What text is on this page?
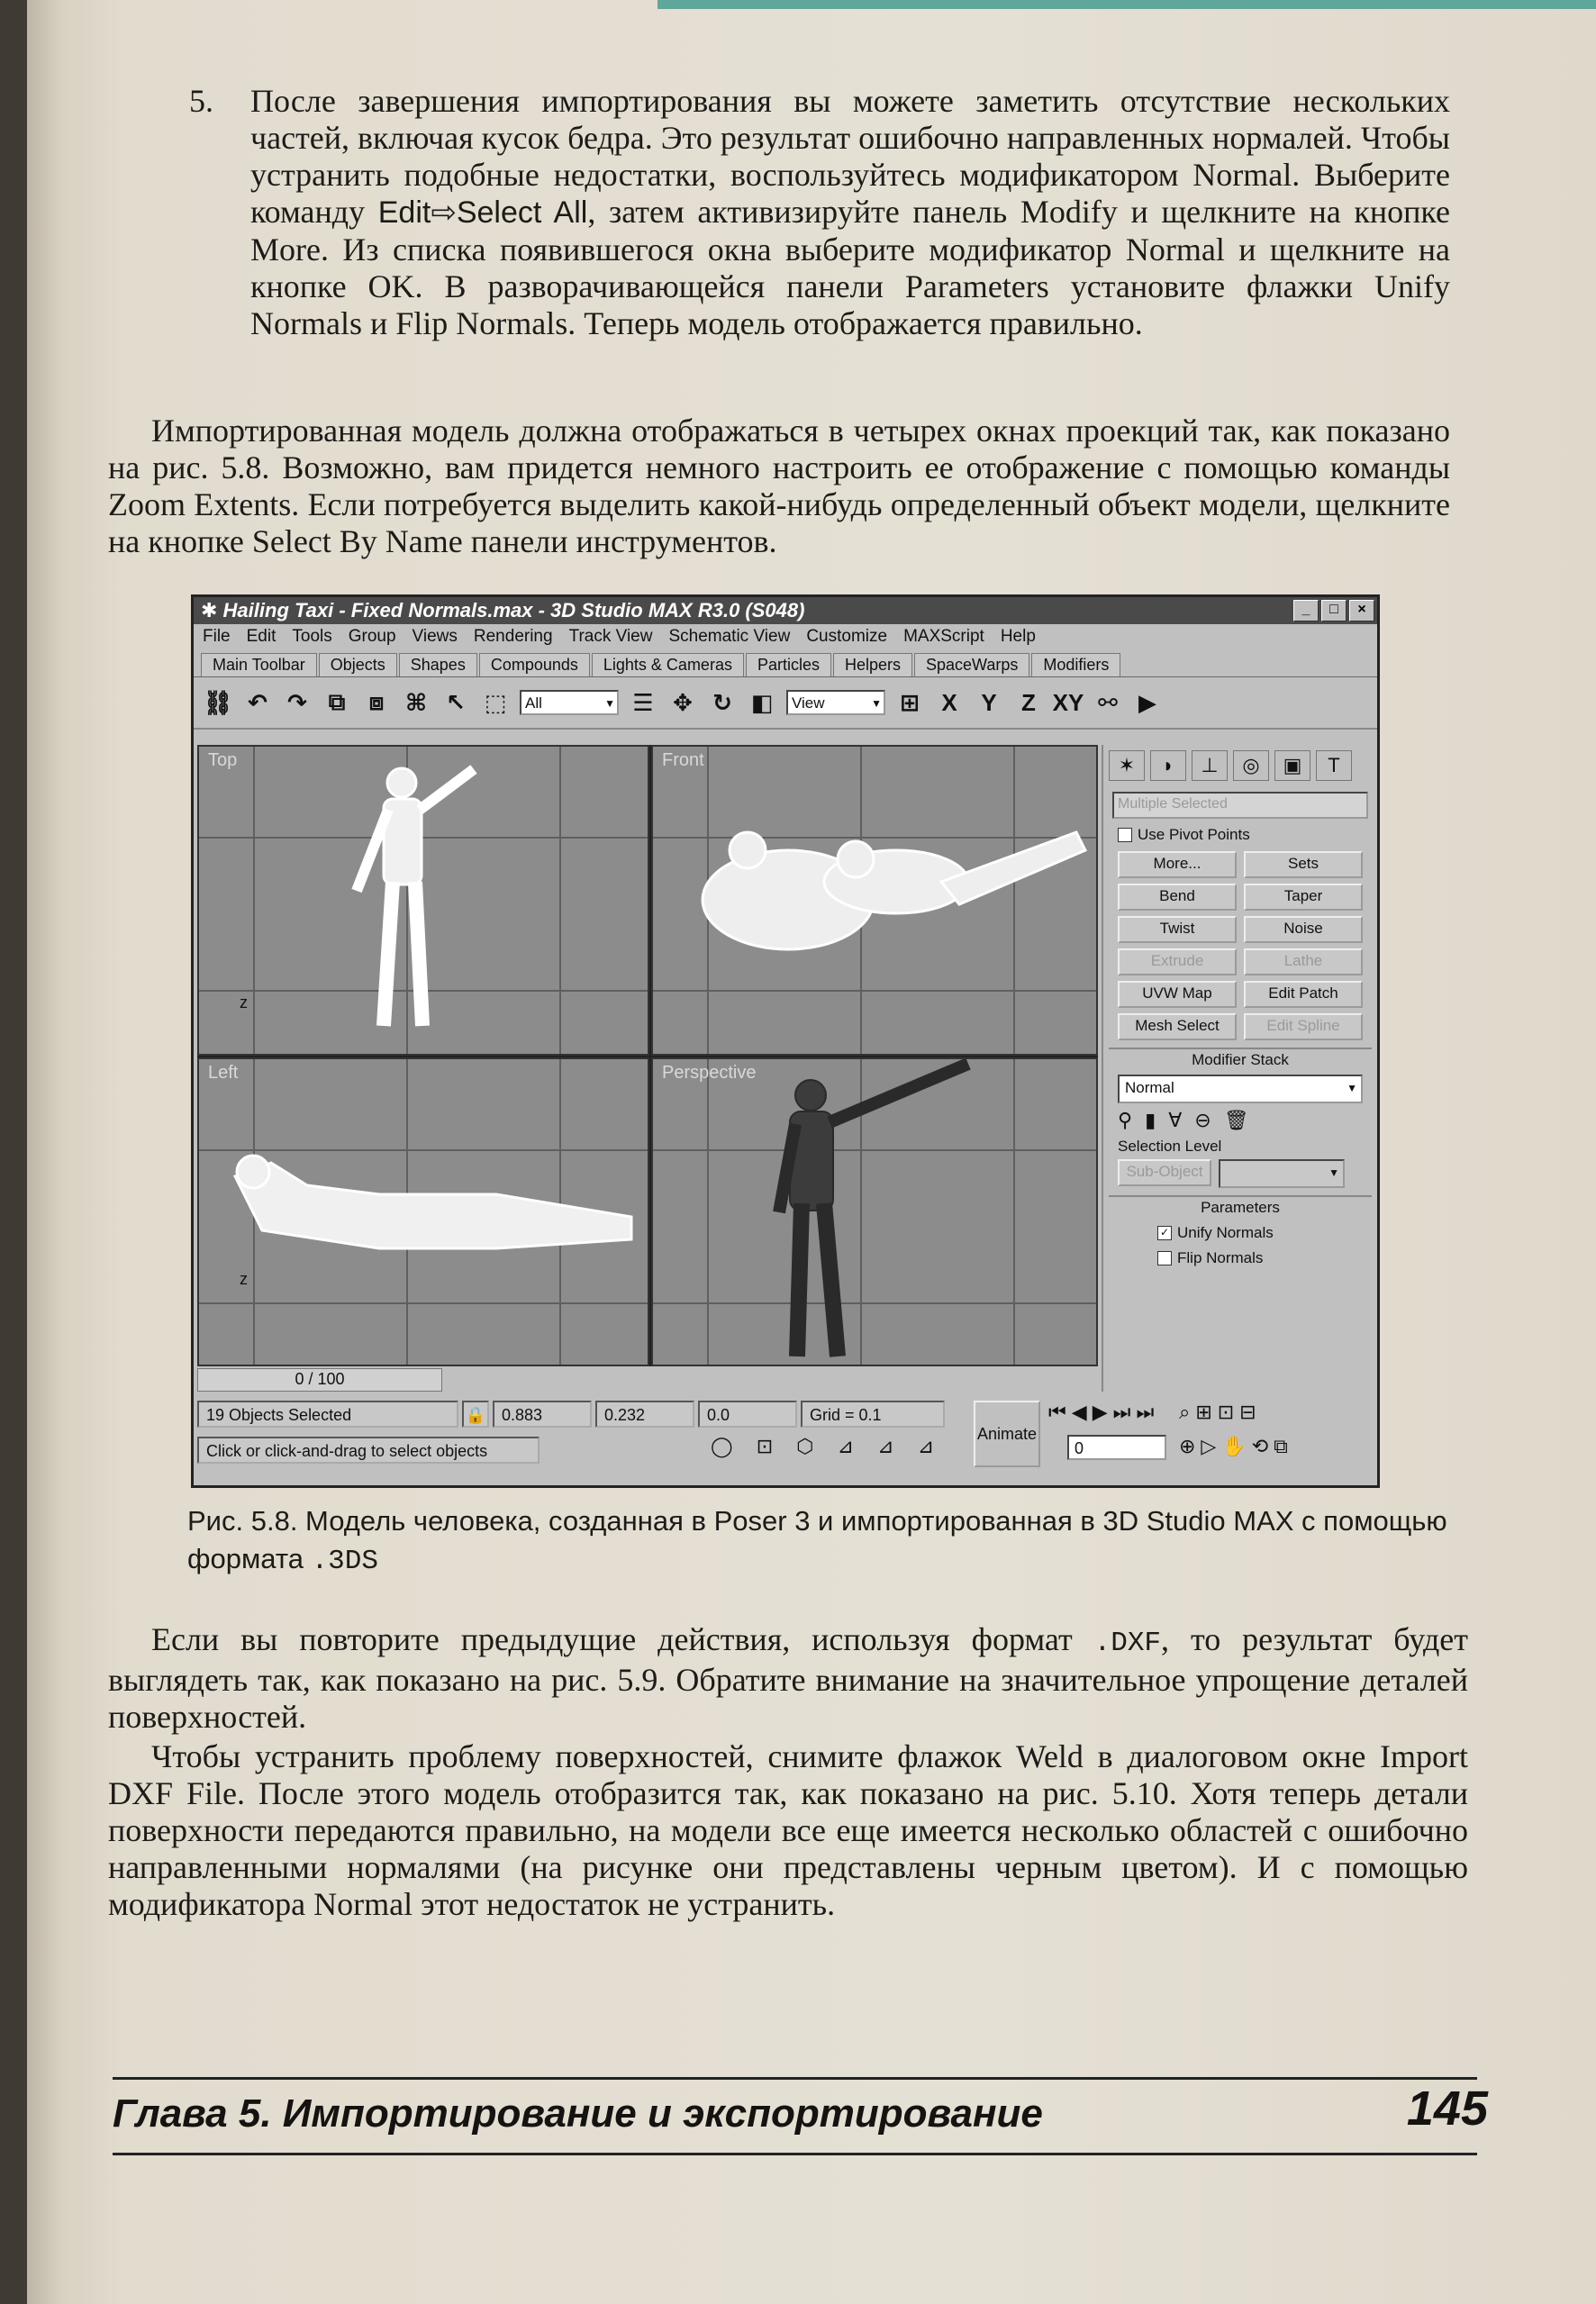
5. После завершения импортирования вы можете заметить отсутствие нескольких частей, включая кусок бедра. Это результат ошибочно направленных нормалей. Чтобы устранить подобные недостатки, воспользуйтесь модификатором Normal. Выберите команду Edit⇨Select All, затем активизируйте панель Modify и щелкните на кнопке More. Из списка появившегося окна выберите модификатор Normal и щелкните на кнопке OK. В разворачивающейся панели Parameters установите флажки Unify Normals и Flip Normals. Теперь модель отображается правильно.
Импортированная модель должна отображаться в четырех окнах проекций так, как показано на рис. 5.8. Возможно, вам придется немного настроить ее отображение с помощью команды Zoom Extents. Если потребуется выделить какой-нибудь определенный объект модели, щелкните на кнопке Select By Name панели инструментов.
✱ Hailing Taxi - Fixed Normals.max - 3D Studio MAX R3.0 (S048)	_	□	×
File Edit Tools Group Views Rendering Track View Schematic View Customize MAXScript Help
Main Toolbar	Objects	Shapes	Compounds	Lights & Cameras	Particles	Helpers	SpaceWarps	Modifiers
⛓ ↶ ↷ ⧉	⧈ ⌘ ↖ ⬚	All ▼	☰ ✥ ↻ ◧	View ▼	⊞ X	Y	Z XY ⚯ ▶
Top
z
Front
Left
z
Perspective
0 / 100
✶	◗	⊥	◎	▣	T
Multiple Selected
Use Pivot Points
More...	Sets
Bend	Taper
Twist	Noise
Extrude	Lathe
UVW Map	Edit Patch
Mesh Select	Edit Spline
Modifier Stack
Normal ▼
⚲ ▮ ∀ ⊖ 🗑
Selection Level
Sub-Object
▼
Parameters
✓ Unify Normals
Flip Normals
19 Objects Selected	🔒 0.883	0.232	0.0	Grid = 0.1
Click or click-and-drag to select objects	◯ ⊡ ⬡ ⊿ ⊿ ⊿
Animate
⏮◀▶⏭⏭
0
⌕⊞⊡⊟
⊕▷✋⟲⧉
Рис. 5.8. Модель человека, созданная в Poser 3 и импортированная в 3D Studio MAX с помощью формата .3DS
Если вы повторите предыдущие действия, используя формат .DXF, то результат будет выглядеть так, как показано на рис. 5.9. Обратите внимание на значительное упрощение деталей поверхностей.
Чтобы устранить проблему поверхностей, снимите флажок Weld в диалоговом окне Import DXF File. После этого модель отобразится так, как показано на рис. 5.10. Хотя теперь детали поверхности передаются правильно, на модели все еще имеется несколько областей с ошибочно направленными нормалями (на рисунке они представлены черным цветом). И с помощью модификатора Normal этот недостаток не устранить.
Глава 5. Импортирование и экспортирование	145
